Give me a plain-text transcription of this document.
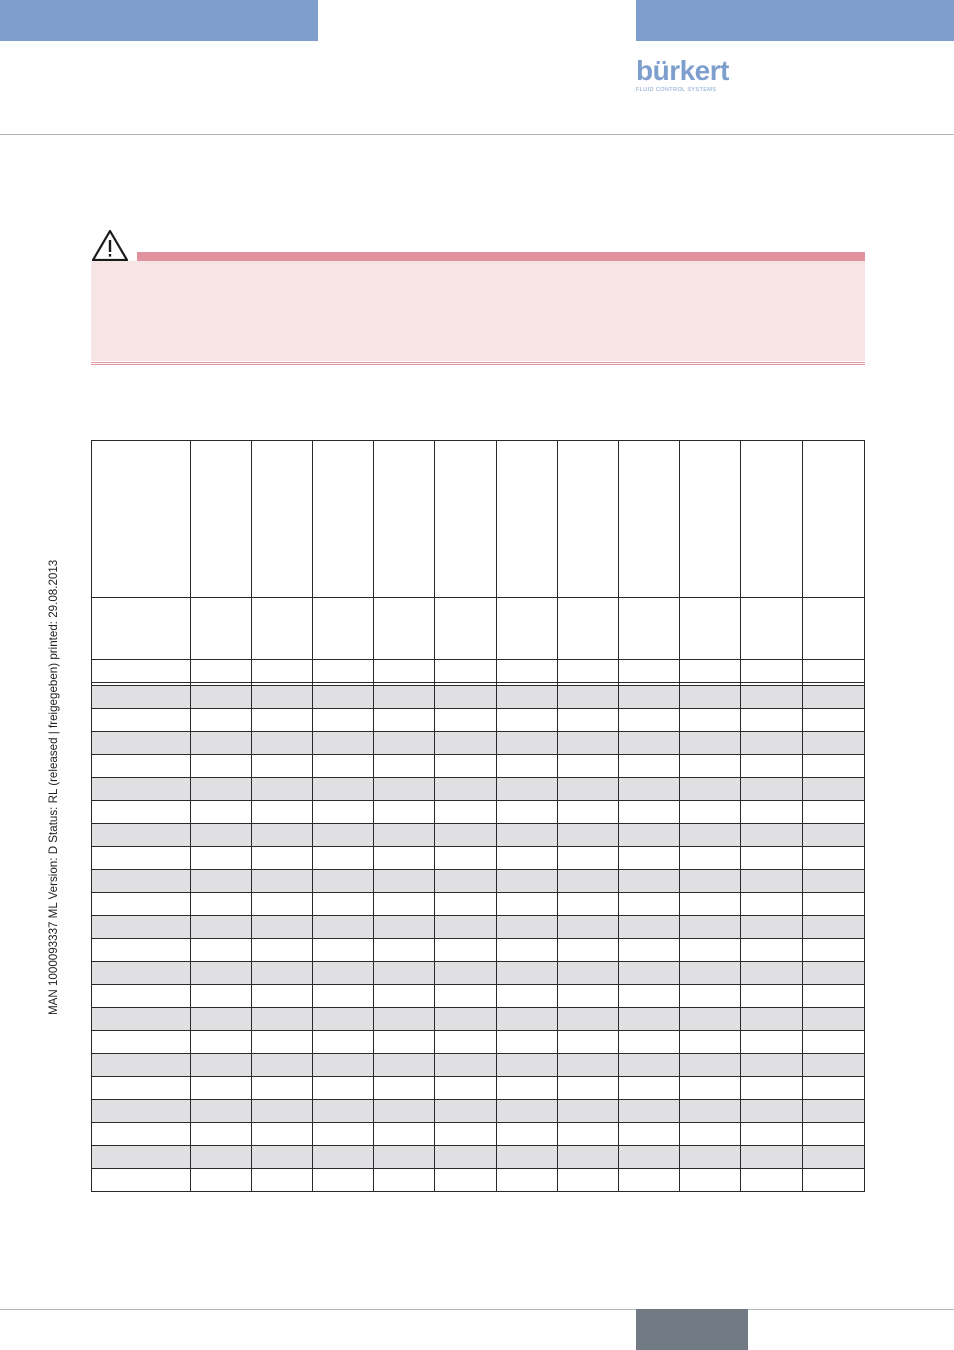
bürkert
FLUID CONTROL SYSTEMS
MAN 1000093337 ML Version: D Status: RL (released | freigegeben) printed: 29.08.2013
